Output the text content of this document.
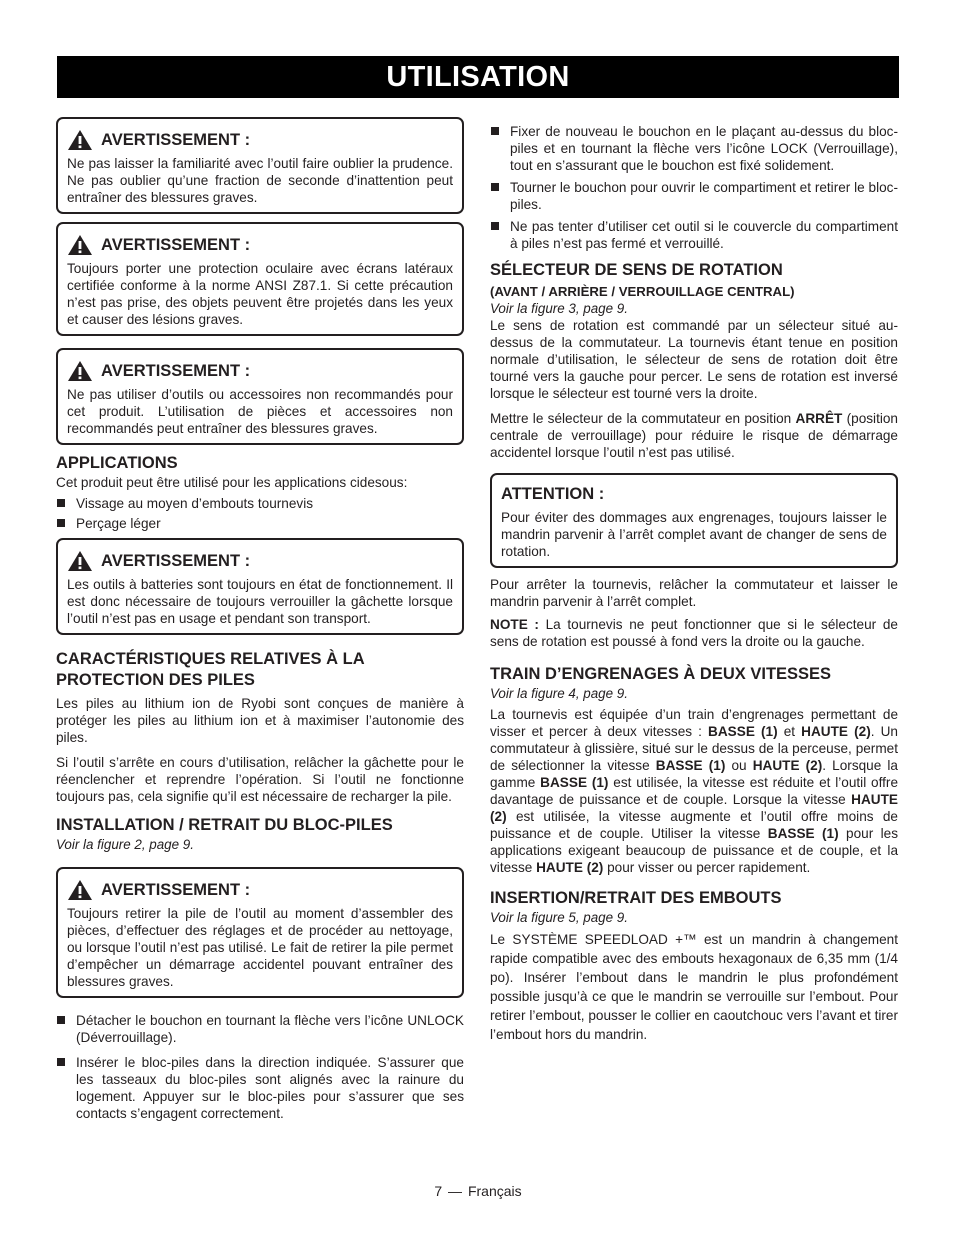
UTILISATION
AVERTISSEMENT :
Ne pas laisser la familiarité avec l’outil faire oublier la prudence. Ne pas oublier qu’une fraction de seconde d’inattention peut entraîner des blessures graves.
AVERTISSEMENT :
Toujours porter une protection oculaire avec écrans latéraux certifiée conforme à la norme ANSI Z87.1. Si cette précaution n’est pas prise, des objets peuvent être projetés dans les yeux et causer des lésions graves.
AVERTISSEMENT :
Ne pas utiliser d’outils ou accessoires non recommandés pour cet produit. L’utilisation de pièces et accessoires non recommandés peut entraîner des blessures graves.
APPLICATIONS

Cet produit peut être utilisé pour les applications cidesous:

Vissage au moyen d’embouts tournevis
Perçage léger
AVERTISSEMENT :
Les outils à batteries sont toujours en état de fonctionnement. Il est donc nécessaire de toujours verrouiller la gâchette lorsque l’outil n’est pas en usage et pendant son transport.
CARACTÉRISTIQUES RELATIVES À LA PROTECTION DES PILES

Les piles au lithium ion de Ryobi sont conçues de manière à protéger les piles au lithium ion et à maximiser l’autonomie des piles.

Si l’outil s’arrête en cours d’utilisation, relâcher la gâchette pour le réenclencher et reprendre l’opération. Si l’outil ne fonctionne toujours pas, cela signifie qu’il est nécessaire de recharger la pile.

INSTALLATION / RETRAIT DU BLOC-PILES
Voir la figure 2, page 9.
AVERTISSEMENT :
Toujours retirer la pile de l’outil au moment d’assembler des pièces, d’effectuer des réglages et de procéder au nettoyage, ou lorsque l’outil n’est pas utilisé. Le fait de retirer la pile permet d’empêcher un démarrage accidentel pouvant entraîner des blessures graves.
Détacher le bouchon en tournant la flèche vers l’icône UNLOCK (Déverrouillage).
Insérer le bloc-piles dans la direction indiquée. S’assurer que les tasseaux du bloc-piles sont alignés avec la rainure du logement. Appuyer sur le bloc-piles pour s’assurer que ses contacts s’engagent correctement.
Fixer de nouveau le bouchon en le plaçant au-dessus du bloc-piles et en tournant la flèche vers l’icône LOCK (Verrouillage), tout en s’assurant que le bouchon est fixé solidement.
Tourner le bouchon pour ouvrir le compartiment et retirer le bloc-piles.
Ne pas tenter d’utiliser cet outil si le couvercle du compartiment à piles n’est pas fermé et verrouillé.
SÉLECTEUR DE SENS DE ROTATION
(AVANT / ARRIÈRE / VERROUILLAGE CENTRAL)
Voir la figure 3, page 9.

Le sens de rotation est commandé par un sélecteur situé au-dessus de la commutateur. La tournevis étant tenue en position normale d’utilisation, le sélecteur de sens de rotation doit être tourné vers la gauche pour percer. Le sens de rotation est inversé lorsque le sélecteur est tourné vers la droite.

Mettre le sélecteur de la commutateur en position ARRÊT (position centrale de verrouillage) pour réduire le risque de démarrage accidentel lorsque l’outil n’est pas utilisé.

ATTENTION :
Pour éviter des dommages aux engrenages, toujours laisser le mandrin parvenir à l’arrêt complet avant de changer de sens de rotation.

Pour arrêter la tournevis, relâcher la commutateur et laisser le mandrin parvenir à l’arrêt complet.

NOTE : La tournevis ne peut fonctionner que si le sélecteur de sens de rotation est poussé à fond vers la droite ou la gauche.

TRAIN D’ENGRENAGES À DEUX VITESSES
Voir la figure 4, page 9.

La tournevis est équipée d’un train d’engrenages permettant de visser et percer à deux vitesses : BASSE (1) et HAUTE (2). Un commutateur à glissière, situé sur le dessus de la perceuse, permet de sélectionner la vitesse BASSE (1) ou HAUTE (2). Lorsque la gamme BASSE (1) est utilisée, la vitesse est réduite et l’outil offre davantage de puissance et de couple. Lorsque la vitesse HAUTE (2) est utilisée, la vitesse augmente et l’outil offre moins de puissance et de couple. Utiliser la vitesse BASSE (1) pour les applications exigeant beaucoup de puissance et de couple, et la vitesse HAUTE (2) pour visser ou percer rapidement.

INSERTION/RETRAIT DES EMBOUTS
Voir la figure 5, page 9.

Le SYSTÈME SPEEDLOAD +™ est un mandrin à changement rapide compatible avec des embouts hexagonaux de 6,35 mm (1/4 po). Insérer l’embout dans le mandrin le plus profondément possible jusqu’à ce que le mandrin se verrouille sur l’embout. Pour retirer l’embout, pousser le collier en caoutchouc vers l’avant et tirer l’embout hors du mandrin.

7 — Français
